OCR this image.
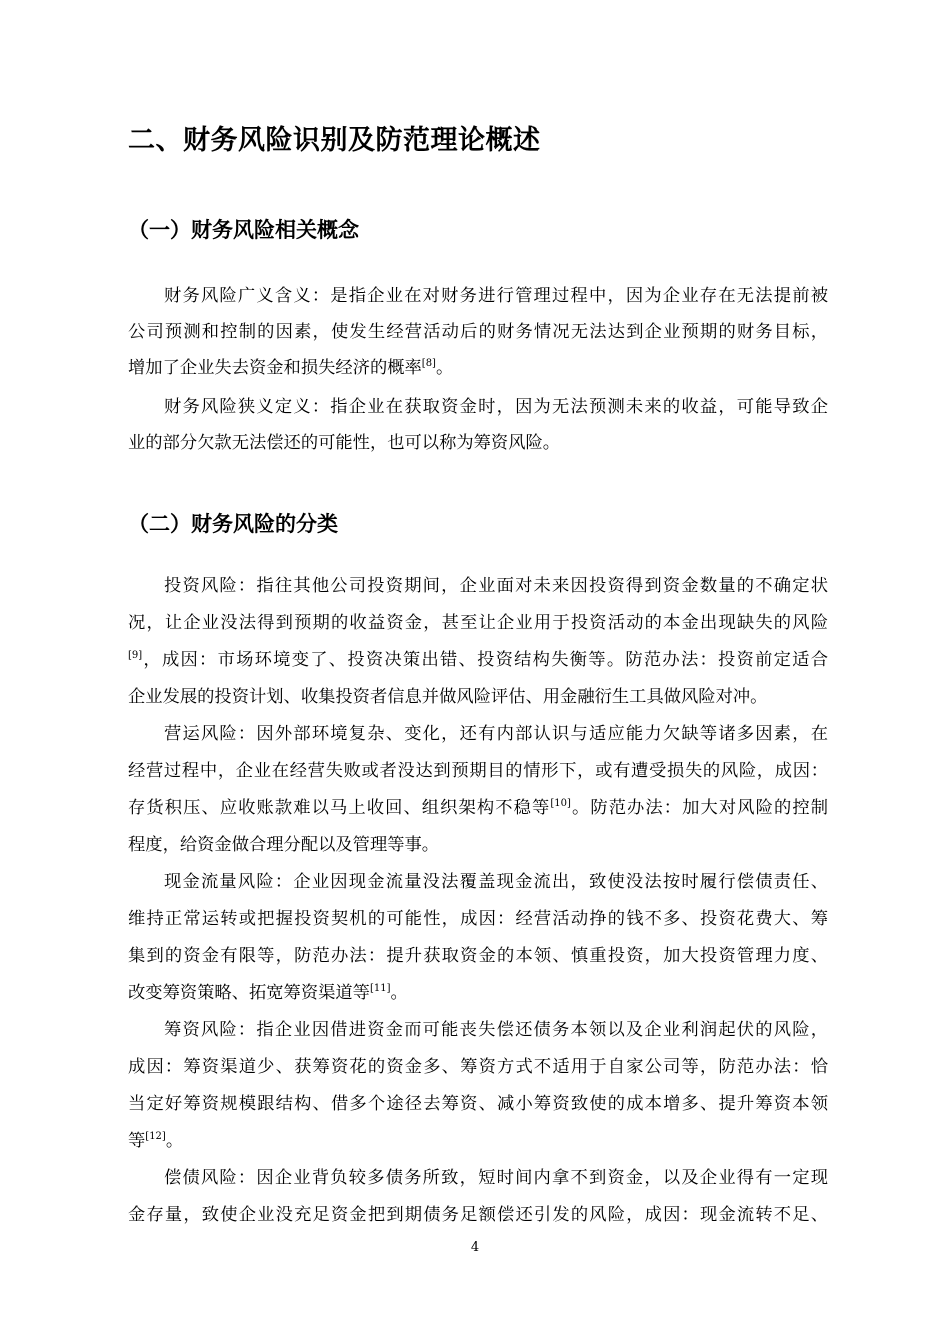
二、财务风险识别及防范理论概述
（一）财务风险相关概念

财务风险广义含义：是指企业在对财务进行管理过程中，因为企业存在无法提前被

公司预测和控制的因素，使发生经营活动后的财务情况无法达到企业预期的财务目标，

增加了企业失去资金和损失经济的概率[8]。

财务风险狭义定义：指企业在获取资金时，因为无法预测未来的收益，可能导致企

业的部分欠款无法偿还的可能性，也可以称为筹资风险。

（二）财务风险的分类

投资风险：指往其他公司投资期间，企业面对未来因投资得到资金数量的不确定状

况，让企业没法得到预期的收益资金，甚至让企业用于投资活动的本金出现缺失的风险

[9]，成因：市场环境变了、投资决策出错、投资结构失衡等。防范办法：投资前定适合

企业发展的投资计划、收集投资者信息并做风险评估、用金融衍生工具做风险对冲。

营运风险：因外部环境复杂、变化，还有内部认识与适应能力欠缺等诸多因素，在

经营过程中，企业在经营失败或者没达到预期目的情形下，或有遭受损失的风险，成因：

存货积压、应收账款难以马上收回、组织架构不稳等[10]。防范办法：加大对风险的控制

程度，给资金做合理分配以及管理等事。

现金流量风险：企业因现金流量没法覆盖现金流出，致使没法按时履行偿债责任、

维持正常运转或把握投资契机的可能性，成因：经营活动挣的钱不多、投资花费大、筹

集到的资金有限等，防范办法：提升获取资金的本领、慎重投资，加大投资管理力度、

改变筹资策略、拓宽筹资渠道等[11]。

筹资风险：指企业因借进资金而可能丧失偿还债务本领以及企业利润起伏的风险，

成因：筹资渠道少、获筹资花的资金多、筹资方式不适用于自家公司等，防范办法：恰

当定好筹资规模跟结构、借多个途径去筹资、减小筹资致使的成本增多、提升筹资本领

等[12]。

偿债风险：因企业背负较多债务所致，短时间内拿不到资金，以及企业得有一定现

金存量，致使企业没充足资金把到期债务足额偿还引发的风险，成因：现金流转不足、

4
